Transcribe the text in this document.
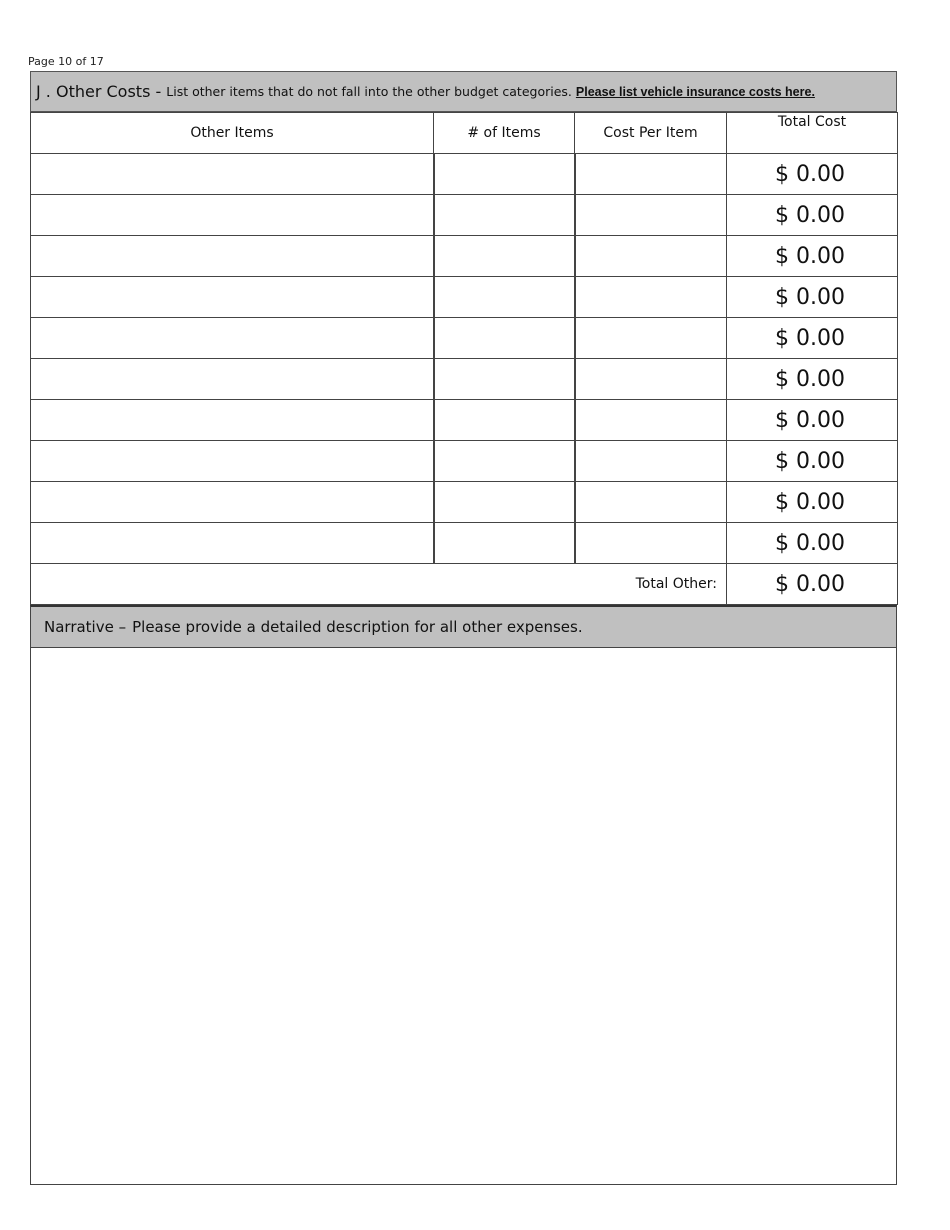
Page 10 of 17
J . Other Costs - List other items that do not fall into the other budget categories. Please list vehicle insurance costs here.
Other Items	# of Items	Cost Per Item	Total Cost
			$ 0.00
			$ 0.00
			$ 0.00
			$ 0.00
			$ 0.00
			$ 0.00
			$ 0.00
			$ 0.00
			$ 0.00
			$ 0.00
Total Other:			$ 0.00
Narrative – Please provide a detailed description for all other expenses.
